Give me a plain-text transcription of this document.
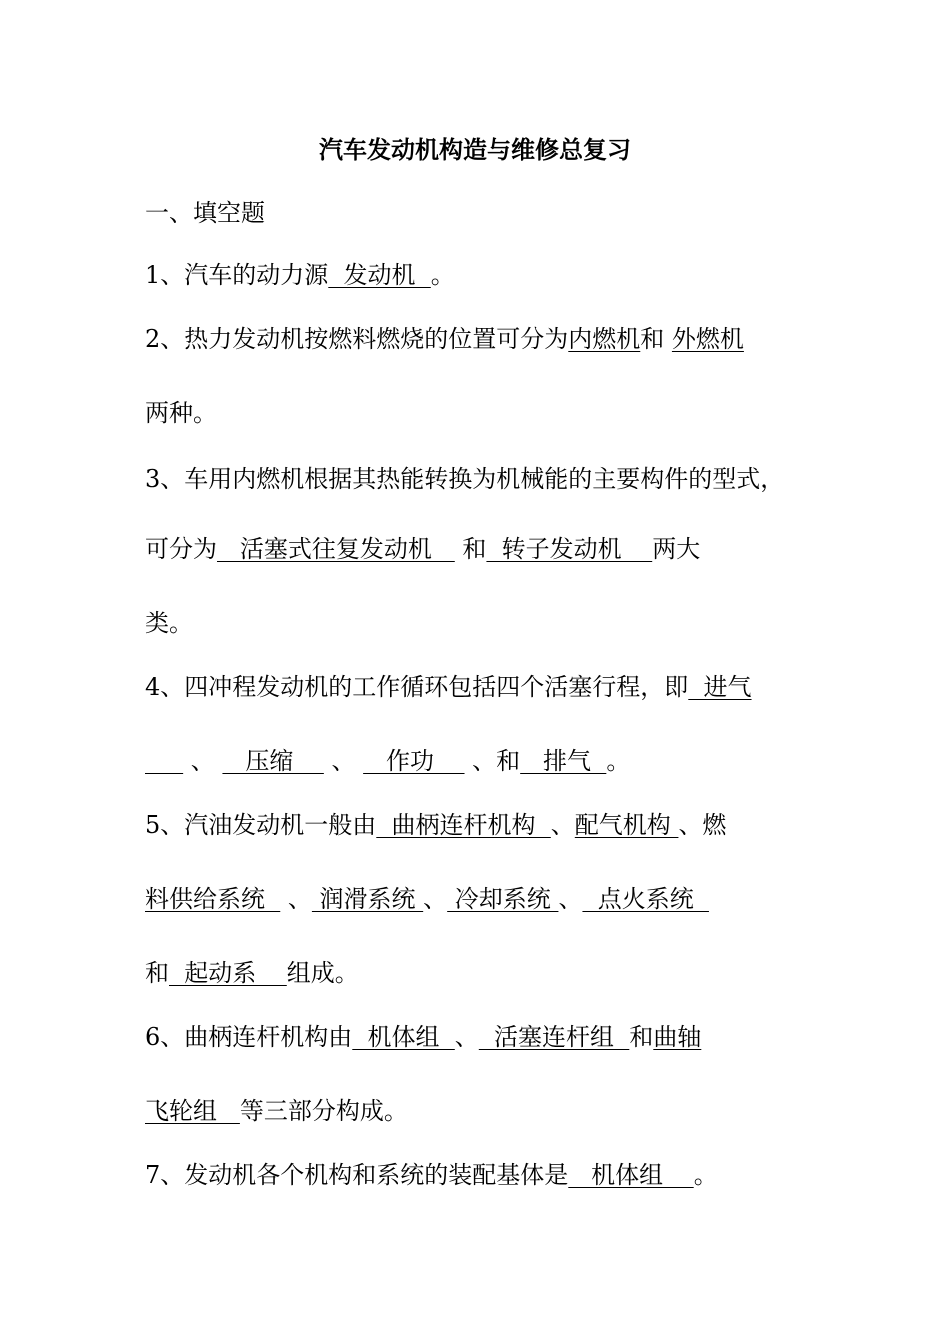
汽车发动机构造与维修总复习
一、填空题
1、汽车的动力源  发动机  。
2、热力发动机按燃料燃烧的位置可分为内燃机和 外燃机
两种。
3、车用内燃机根据其热能转换为机械能的主要构件的型式，
可分为   活塞式往复发动机    和  转子发动机    两大
类。
4、四冲程发动机的工作循环包括四个活塞行程，即  进气
、    压缩     、    作功     、和   排气  。
5、汽油发动机一般由  曲柄连杆机构  、配气机构 、燃
料供给系统   、 润滑系统 、 冷却系统 、  点火系统
和  起动系    组成。
6、曲柄连杆机构由  机体组  、  活塞连杆组  和曲轴
飞轮组   等三部分构成。
7、发动机各个机构和系统的装配基体是   机体组    。
